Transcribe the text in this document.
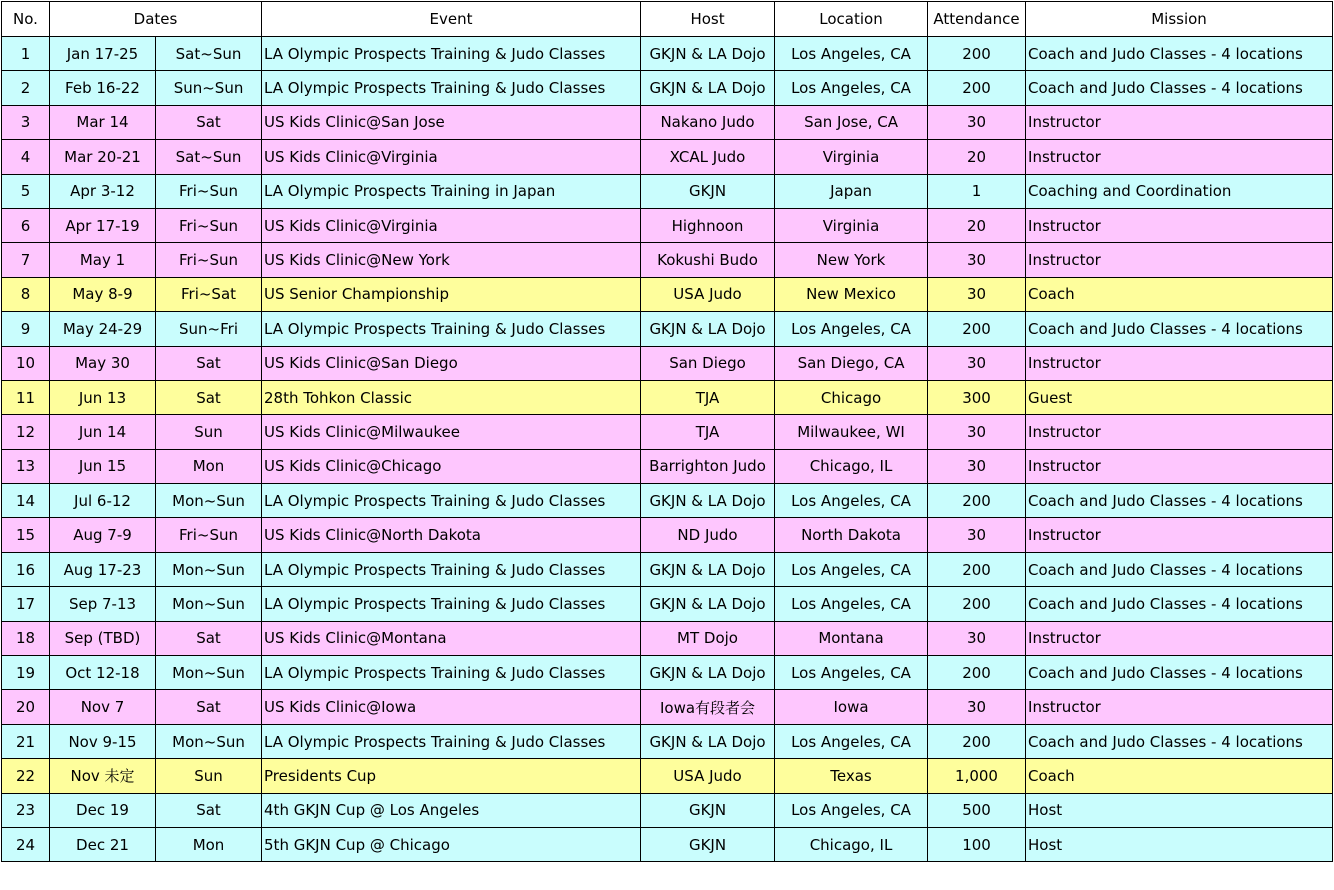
No.	Dates		Event	Host	Location	Attendance	Mission
1	Jan 17-25	Sat~Sun	LA Olympic Prospects Training & Judo Classes	GKJN & LA Dojo	Los Angeles, CA	200	Coach and Judo Classes - 4 locations
2	Feb 16-22	Sun~Sun	LA Olympic Prospects Training & Judo Classes	GKJN & LA Dojo	Los Angeles, CA	200	Coach and Judo Classes - 4 locations
3	Mar 14	Sat	US Kids Clinic@San Jose	Nakano Judo	San Jose, CA	30	Instructor
4	Mar 20-21	Sat~Sun	US Kids Clinic@Virginia	XCAL Judo	Virginia	20	Instructor
5	Apr 3-12	Fri~Sun	LA Olympic Prospects Training in Japan	GKJN	Japan	1	Coaching and Coordination
6	Apr 17-19	Fri~Sun	US Kids Clinic@Virginia	Highnoon	Virginia	20	Instructor
7	May 1	Fri~Sun	US Kids Clinic@New York	Kokushi Budo	New York	30	Instructor
8	May 8-9	Fri~Sat	US Senior Championship	USA Judo	New Mexico	30	Coach
9	May 24-29	Sun~Fri	LA Olympic Prospects Training & Judo Classes	GKJN & LA Dojo	Los Angeles, CA	200	Coach and Judo Classes - 4 locations
10	May 30	Sat	US Kids Clinic@San Diego	San Diego	San Diego, CA	30	Instructor
11	Jun 13	Sat	28th Tohkon Classic	TJA	Chicago	300	Guest
12	Jun 14	Sun	US Kids Clinic@Milwaukee	TJA	Milwaukee, WI	30	Instructor
13	Jun 15	Mon	US Kids Clinic@Chicago	Barrighton Judo	Chicago, IL	30	Instructor
14	Jul 6-12	Mon~Sun	LA Olympic Prospects Training & Judo Classes	GKJN & LA Dojo	Los Angeles, CA	200	Coach and Judo Classes - 4 locations
15	Aug 7-9	Fri~Sun	US Kids Clinic@North Dakota	ND Judo	North Dakota	30	Instructor
16	Aug 17-23	Mon~Sun	LA Olympic Prospects Training & Judo Classes	GKJN & LA Dojo	Los Angeles, CA	200	Coach and Judo Classes - 4 locations
17	Sep 7-13	Mon~Sun	LA Olympic Prospects Training & Judo Classes	GKJN & LA Dojo	Los Angeles, CA	200	Coach and Judo Classes - 4 locations
18	Sep (TBD)	Sat	US Kids Clinic@Montana	MT Dojo	Montana	30	Instructor
19	Oct 12-18	Mon~Sun	LA Olympic Prospects Training & Judo Classes	GKJN & LA Dojo	Los Angeles, CA	200	Coach and Judo Classes - 4 locations
20	Nov 7	Sat	US Kids Clinic@Iowa	Iowa有段者会	Iowa	30	Instructor
21	Nov 9-15	Mon~Sun	LA Olympic Prospects Training & Judo Classes	GKJN & LA Dojo	Los Angeles, CA	200	Coach and Judo Classes - 4 locations
22	Nov 未定	Sun	Presidents Cup	USA Judo	Texas	1,000	Coach
23	Dec 19	Sat	4th GKJN Cup @ Los Angeles	GKJN	Los Angeles, CA	500	Host
24	Dec 21	Mon	5th GKJN Cup @ Chicago	GKJN	Chicago, IL	100	Host
